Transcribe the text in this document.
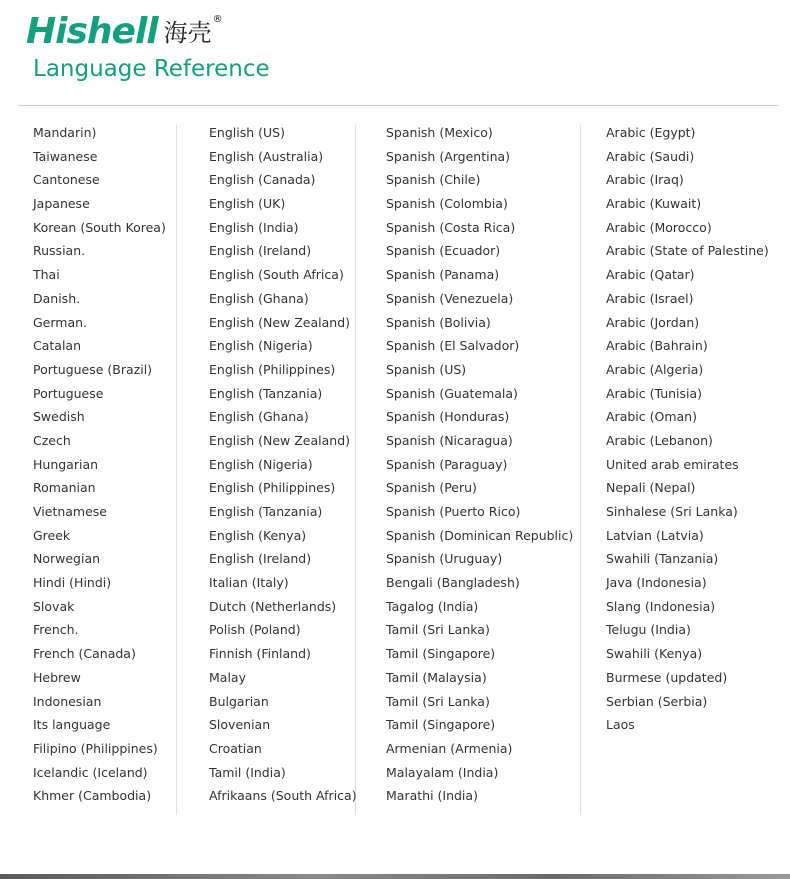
Hishell 海壳 ®
Language Reference
Mandarin)
Taiwanese
Cantonese
Japanese
Korean (South Korea)
Russian.
Thai
Danish.
German.
Catalan
Portuguese (Brazil)
Portuguese
Swedish
Czech
Hungarian
Romanian
Vietnamese
Greek
Norwegian
Hindi (Hindi)
Slovak
French.
French (Canada)
Hebrew
Indonesian
Its language
Filipino (Philippines)
Icelandic (Iceland)
Khmer (Cambodia)
English (US)
English (Australia)
English (Canada)
English (UK)
English (India)
English (Ireland)
English (South Africa)
English (Ghana)
English (New Zealand)
English (Nigeria)
English (Philippines)
English (Tanzania)
English (Ghana)
English (New Zealand)
English (Nigeria)
English (Philippines)
English (Tanzania)
English (Kenya)
English (Ireland)
Italian (Italy)
Dutch (Netherlands)
Polish (Poland)
Finnish (Finland)
Malay
Bulgarian
Slovenian
Croatian
Tamil (India)
Afrikaans (South Africa)
Spanish (Mexico)
Spanish (Argentina)
Spanish (Chile)
Spanish (Colombia)
Spanish (Costa Rica)
Spanish (Ecuador)
Spanish (Panama)
Spanish (Venezuela)
Spanish (Bolivia)
Spanish (El Salvador)
Spanish (US)
Spanish (Guatemala)
Spanish (Honduras)
Spanish (Nicaragua)
Spanish (Paraguay)
Spanish (Peru)
Spanish (Puerto Rico)
Spanish (Dominican Republic)
Spanish (Uruguay)
Bengali (Bangladesh)
Tagalog (India)
Tamil (Sri Lanka)
Tamil (Singapore)
Tamil (Malaysia)
Tamil (Sri Lanka)
Tamil (Singapore)
Armenian (Armenia)
Malayalam (India)
Marathi (India)
Arabic (Egypt)
Arabic (Saudi)
Arabic (Iraq)
Arabic (Kuwait)
Arabic (Morocco)
Arabic (State of Palestine)
Arabic (Qatar)
Arabic (Israel)
Arabic (Jordan)
Arabic (Bahrain)
Arabic (Algeria)
Arabic (Tunisia)
Arabic (Oman)
Arabic (Lebanon)
United arab emirates
Nepali (Nepal)
Sinhalese (Sri Lanka)
Latvian (Latvia)
Swahili (Tanzania)
Java (Indonesia)
Slang (Indonesia)
Telugu (India)
Swahili (Kenya)
Burmese (updated)
Serbian (Serbia)
Laos
